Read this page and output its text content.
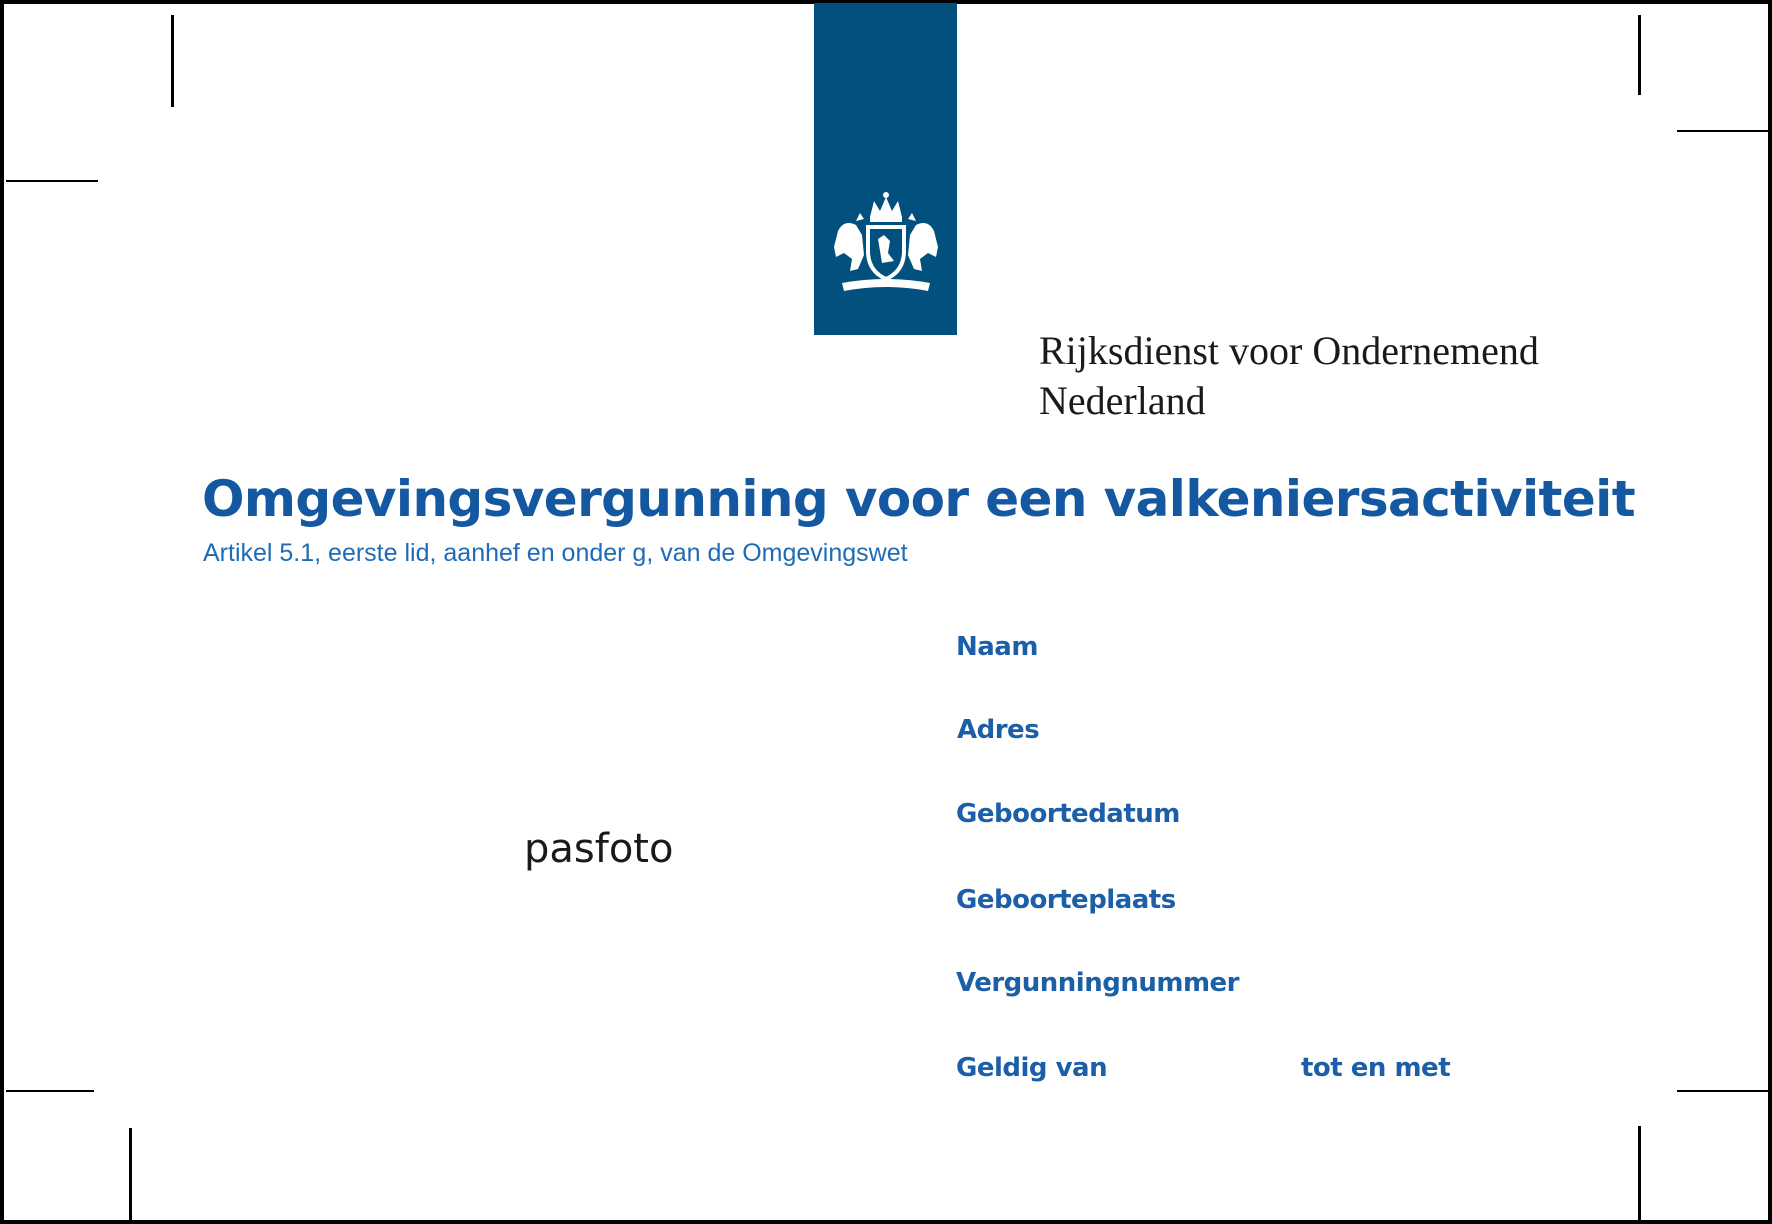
Rijksdienst voor Ondernemend
Nederland
Omgevingsvergunning voor een valkeniersactiviteit
Artikel 5.1, eerste lid, aanhef en onder g, van de Omgevingswet
pasfoto
Naam
Adres
Geboortedatum
Geboorteplaats
Vergunningnummer
Geldig van	tot en met
